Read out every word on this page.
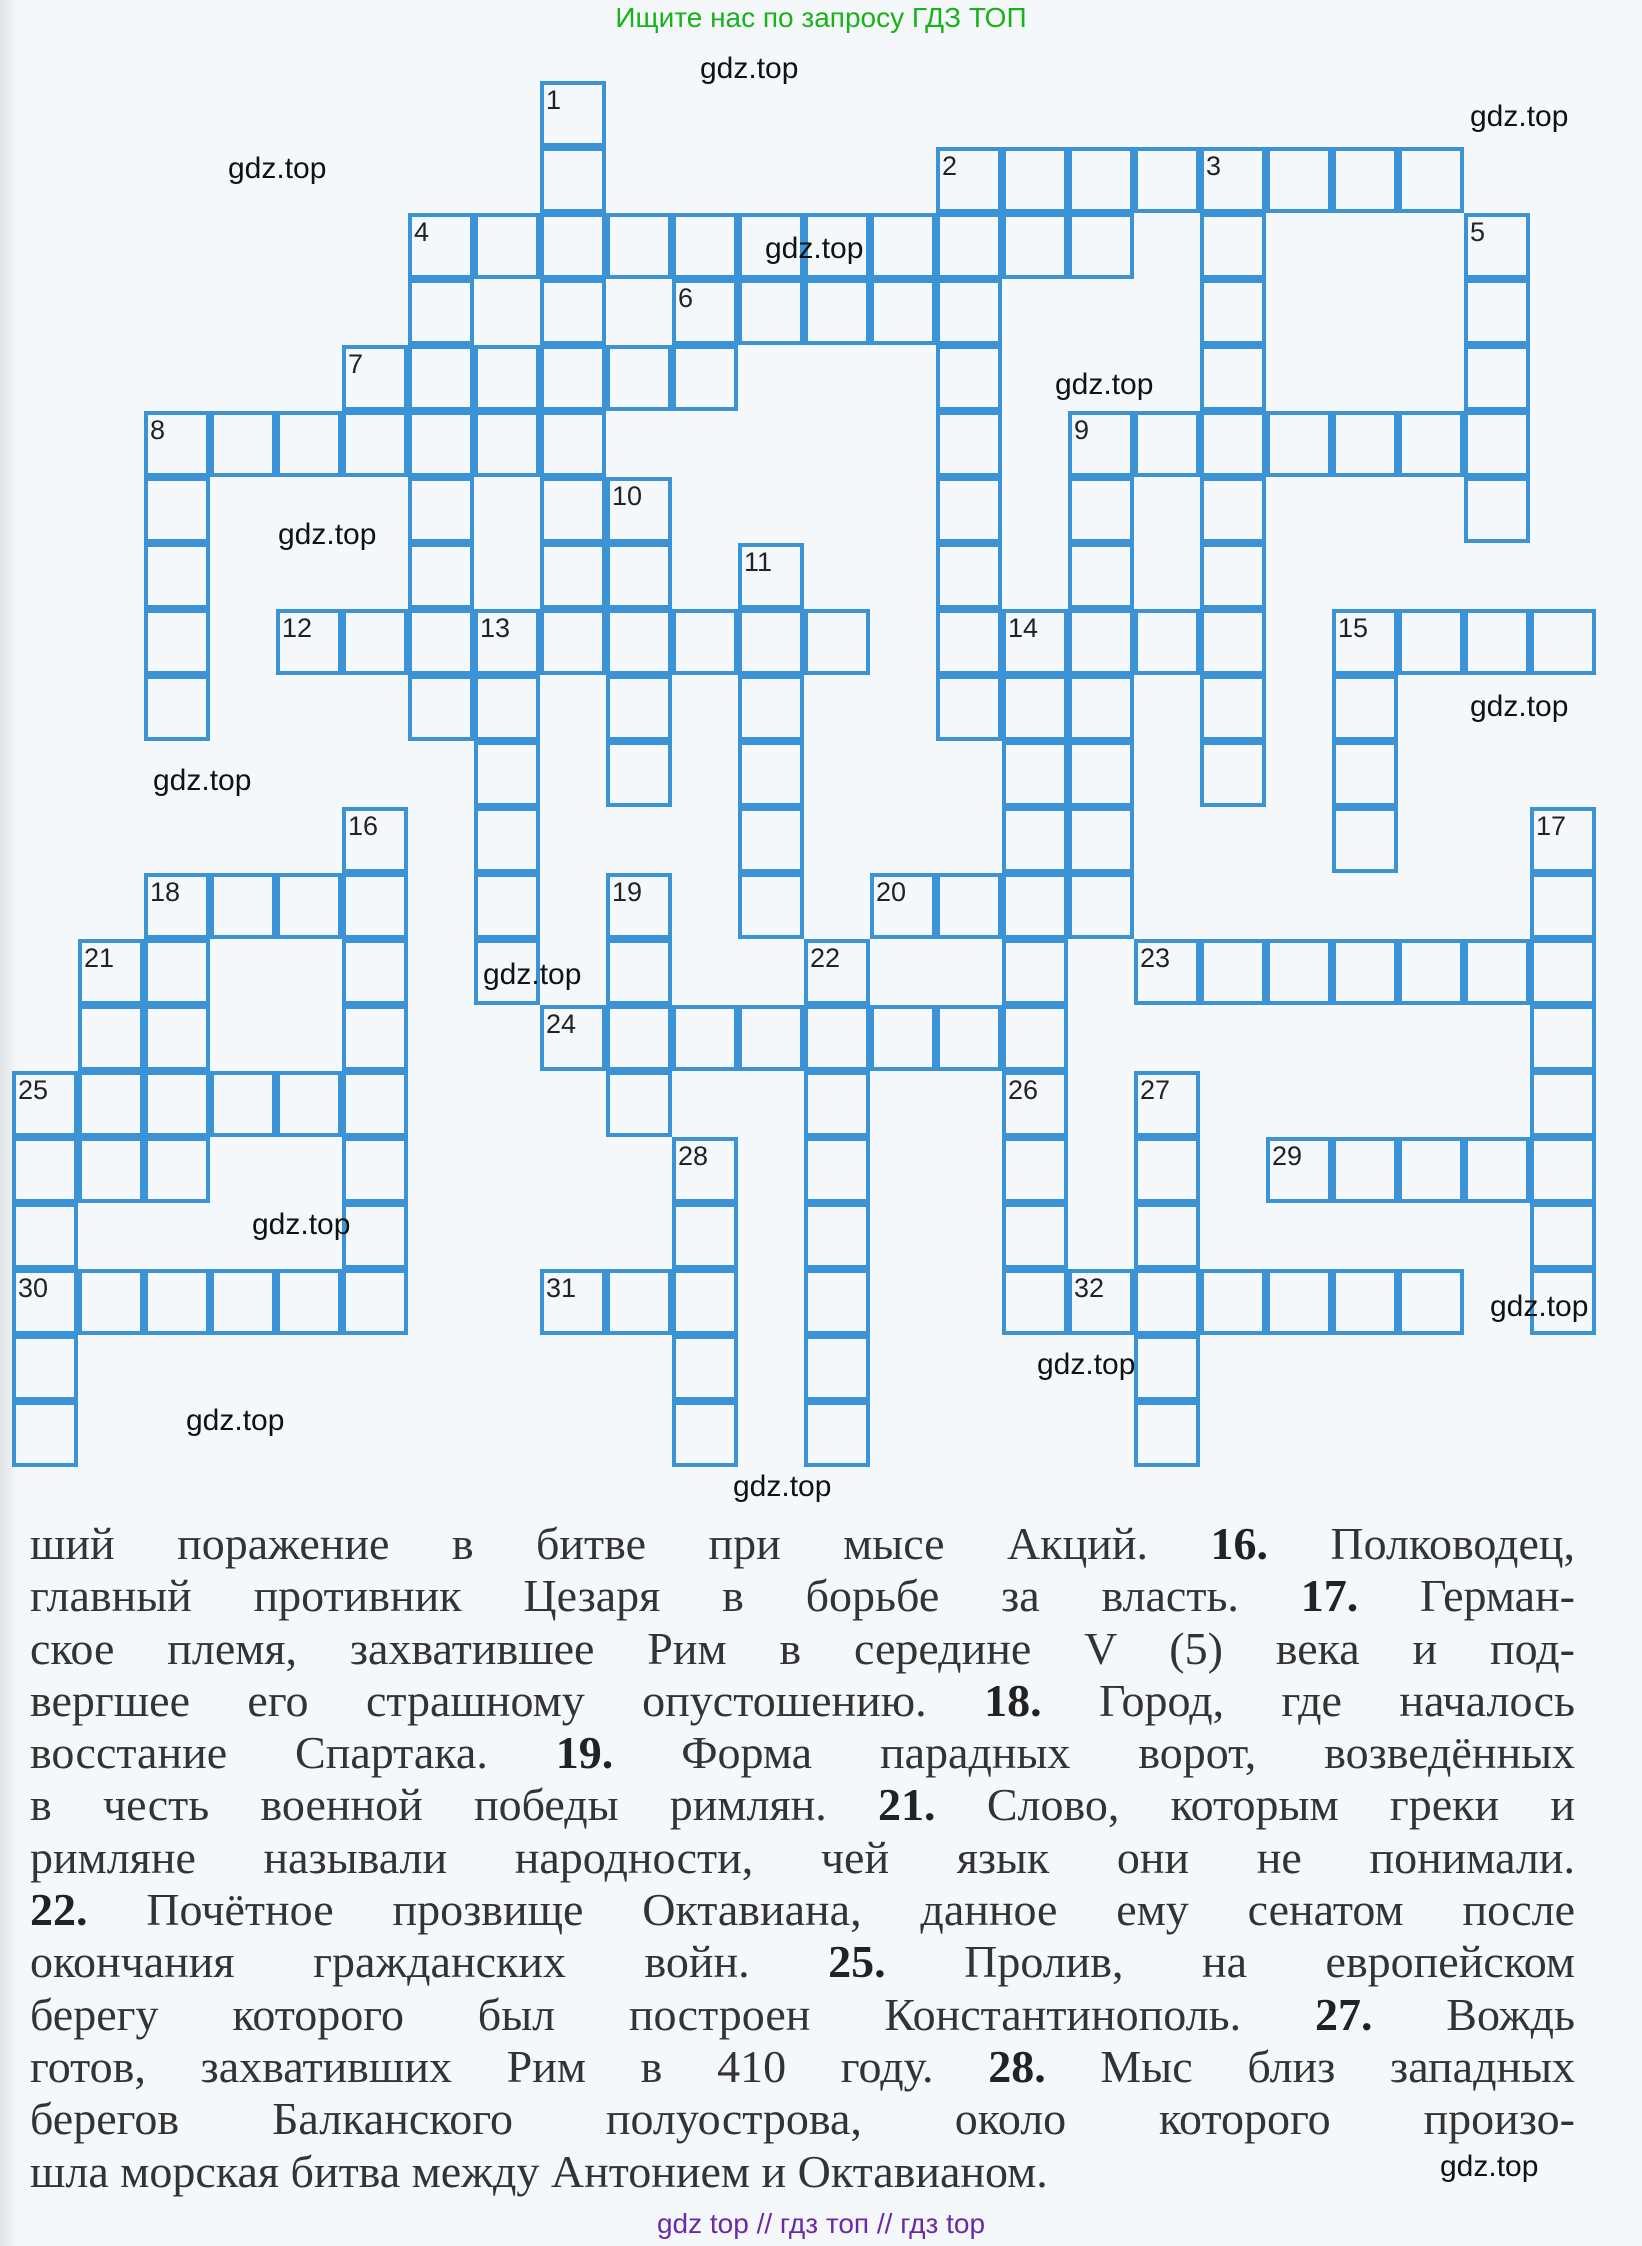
Ищите нас по запросу ГДЗ ТОП
1
2	3
4	5
6
7
8	9
10
11
12	13	14	15
16	17
18	19	20
21	22	23
24
25	26	27
28	29
30	31	32
gdz.top
gdz.top
gdz.top
gdz.top
gdz.top
gdz.top
gdz.top
gdz.top
gdz.top
gdz.top
gdz.top
gdz.top
gdz.top
gdz.top
gdz.top
ший поражение в битве при мысе Акций. 16. Полководец,
главный противник Цезаря в борьбе за власть. 17. Герман-
ское племя, захватившее Рим в середине V (5) века и под-
вергшее его страшному опустошению. 18. Город, где началось
восстание Спартака. 19. Форма парадных ворот, возведённых
в честь военной победы римлян. 21. Слово, которым греки и
римляне называли народности, чей язык они не понимали.
22. Почётное прозвище Октавиана, данное ему сенатом после
окончания гражданских войн. 25. Пролив, на европейском
берегу которого был построен Константинополь. 27. Вождь
готов, захвативших Рим в 410 году. 28. Мыс близ западных
берегов Балканского полуострова, около которого произо-
шла морская битва между Антонием и Октавианом.
gdz top // гдз топ // гдз top
